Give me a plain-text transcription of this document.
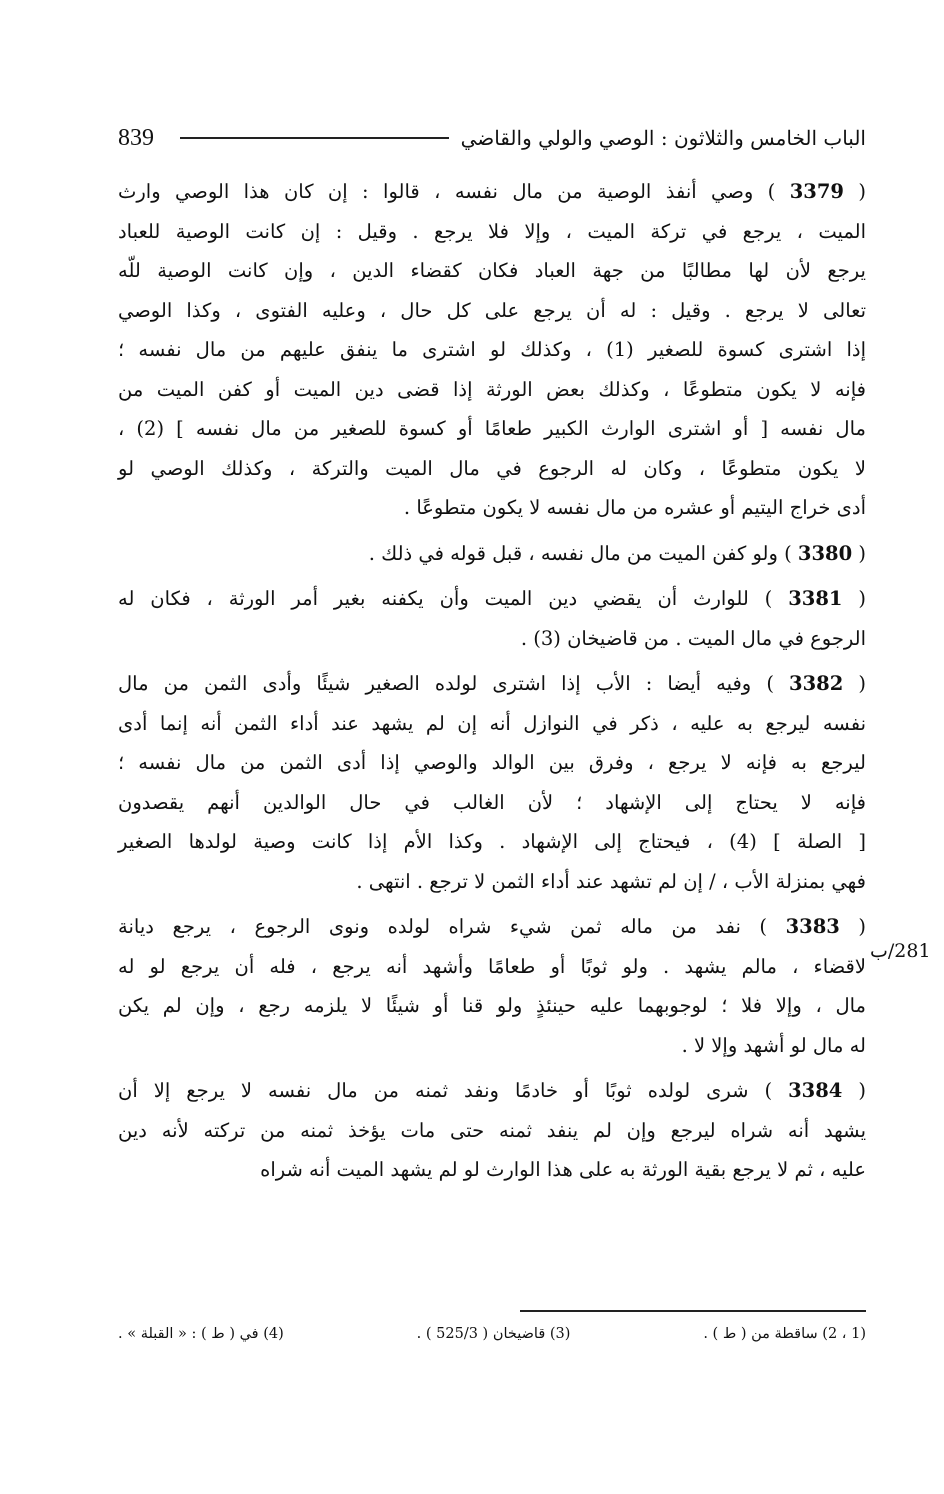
839	الباب الخامس والثلاثون : الوصي والولي والقاضي
( 3379 ) وصي أنفذ الوصية من مال نفسه ، قالوا : إن كان هذا الوصي وارث
الميت ، يرجع في تركة الميت ، وإلا فلا يرجع . وقيل : إن كانت الوصية للعباد
يرجع لأن لها مطالبًا من جهة العباد فكان كقضاء الدين ، وإن كانت الوصية للّه
تعالى لا يرجع . وقيل : له أن يرجع على كل حال ، وعليه الفتوى ، وكذا الوصي
إذا اشترى كسوة للصغير (1) ، وكذلك لو اشترى ما ينفق عليهم من مال نفسه ؛
فإنه لا يكون متطوعًا ، وكذلك بعض الورثة إذا قضى دين الميت أو كفن الميت من
مال نفسه [ أو اشترى الوارث الكبير طعامًا أو كسوة للصغير من مال نفسه ] (2) ،
لا يكون متطوعًا ، وكان له الرجوع في مال الميت والتركة ، وكذلك الوصي لو
أدى خراج اليتيم أو عشره من مال نفسه لا يكون متطوعًا .
( 3380 ) ولو كفن الميت من مال نفسه ، قبل قوله في ذلك .
( 3381 ) للوارث أن يقضي دين الميت وأن يكفنه بغير أمر الورثة ، فكان له
الرجوع في مال الميت . من قاضيخان (3) .
( 3382 ) وفيه أيضا : الأب إذا اشترى لولده الصغير شيئًا وأدى الثمن من مال
نفسه ليرجع به عليه ، ذكر في النوازل أنه إن لم يشهد عند أداء الثمن أنه إنما أدى
ليرجع به فإنه لا يرجع ، وفرق بين الوالد والوصي إذا أدى الثمن من مال نفسه ؛
فإنه لا يحتاج إلى الإشهاد ؛ لأن الغالب في حال الوالدين أنهم يقصدون
[ الصلة ] (4) ، فيحتاج إلى الإشهاد . وكذا الأم إذا كانت وصية لولدها الصغير
فهي بمنزلة الأب ، / إن لم تشهد عند أداء الثمن لا ترجع . انتهى .
( 3383 ) نفد من ماله ثمن شيء شراه لولده ونوى الرجوع ، يرجع ديانة
لاقضاء ، مالم يشهد . ولو ثوبًا أو طعامًا وأشهد أنه يرجع ، فله أن يرجع لو له
مال ، وإلا فلا ؛ لوجوبهما عليه حينئذٍ ولو قنا أو شيئًا لا يلزمه رجع ، وإن لم يكن
له مال لو أشهد وإلا لا .
( 3384 ) شرى لولده ثوبًا أو خادمًا ونفد ثمنه من مال نفسه لا يرجع إلا أن
يشهد أنه شراه ليرجع وإن لم ينفد ثمنه حتى مات يؤخذ ثمنه من تركته لأنه دين
عليه ، ثم لا يرجع بقية الورثة به على هذا الوارث لو لم يشهد الميت أنه شراه
281/ب
(1 ، 2) ساقطة من ( ط ) .
(3) قاضيخان ( 525/3 ) .
(4) في ( ط ) : « القبلة » .
